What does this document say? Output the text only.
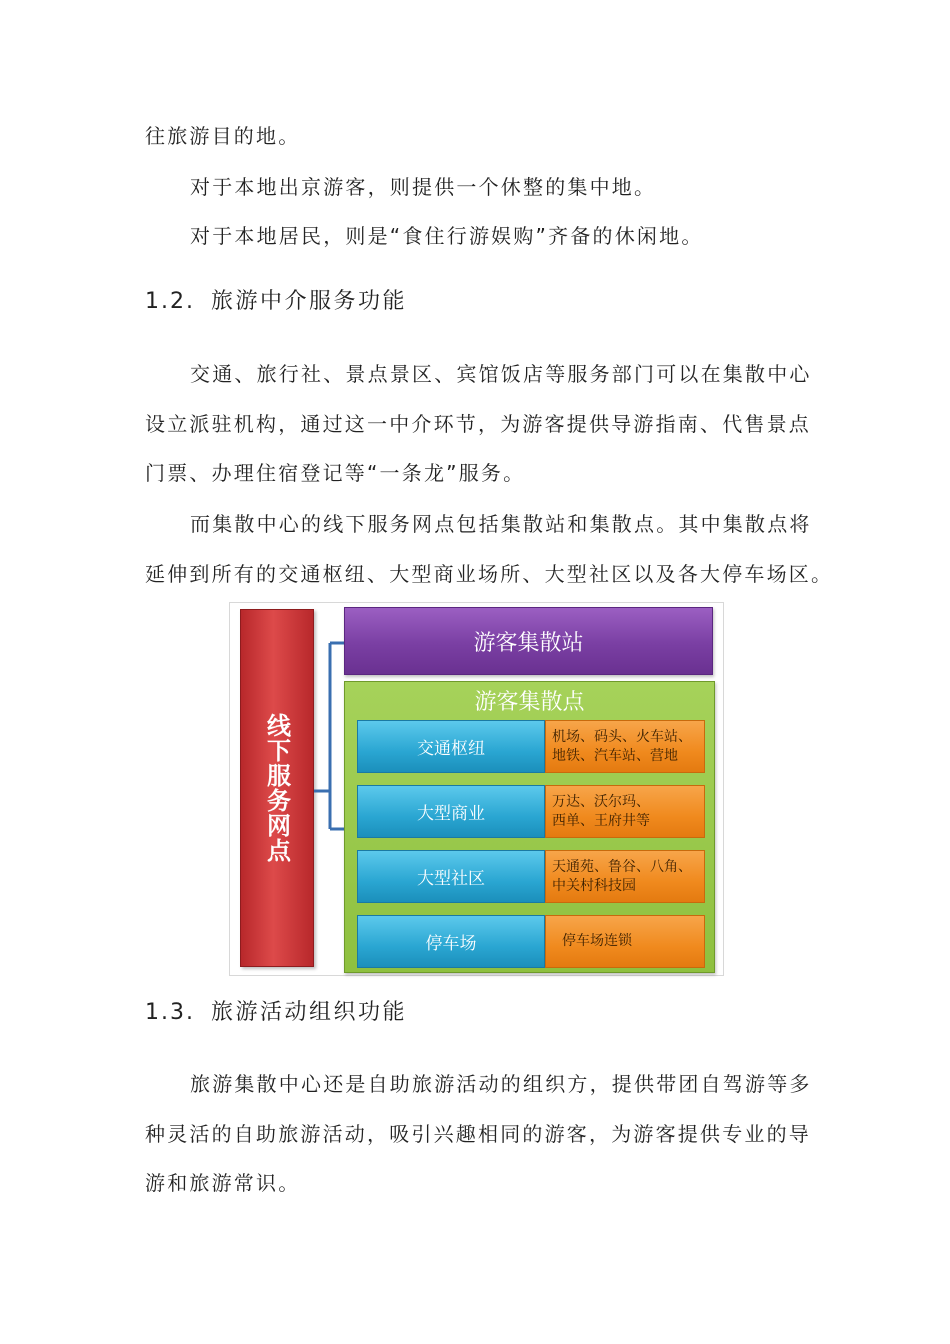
往旅游目的地。
对于本地出京游客，则提供一个休整的集中地。
对于本地居民，则是“食住行游娱购”齐备的休闲地。
1.2. 旅游中介服务功能
交通、旅行社、景点景区、宾馆饭店等服务部门可以在集散中心
设立派驻机构，通过这一中介环节，为游客提供导游指南、代售景点
门票、办理住宿登记等“一条龙”服务。
而集散中心的线下服务网点包括集散站和集散点。其中集散点将
延伸到所有的交通枢纽、大型商业场所、大型社区以及各大停车场区。
线下服务网点
游客集散站
游客集散点
交通枢纽
机场、码头、火车站、
地铁、汽车站、营地
大型商业
万达、沃尔玛、
西单、王府井等
大型社区
天通苑、鲁谷、八角、
中关村科技园
停车场	停车场连锁
1.3. 旅游活动组织功能
旅游集散中心还是自助旅游活动的组织方，提供带团自驾游等多
种灵活的自助旅游活动，吸引兴趣相同的游客，为游客提供专业的导
游和旅游常识。
